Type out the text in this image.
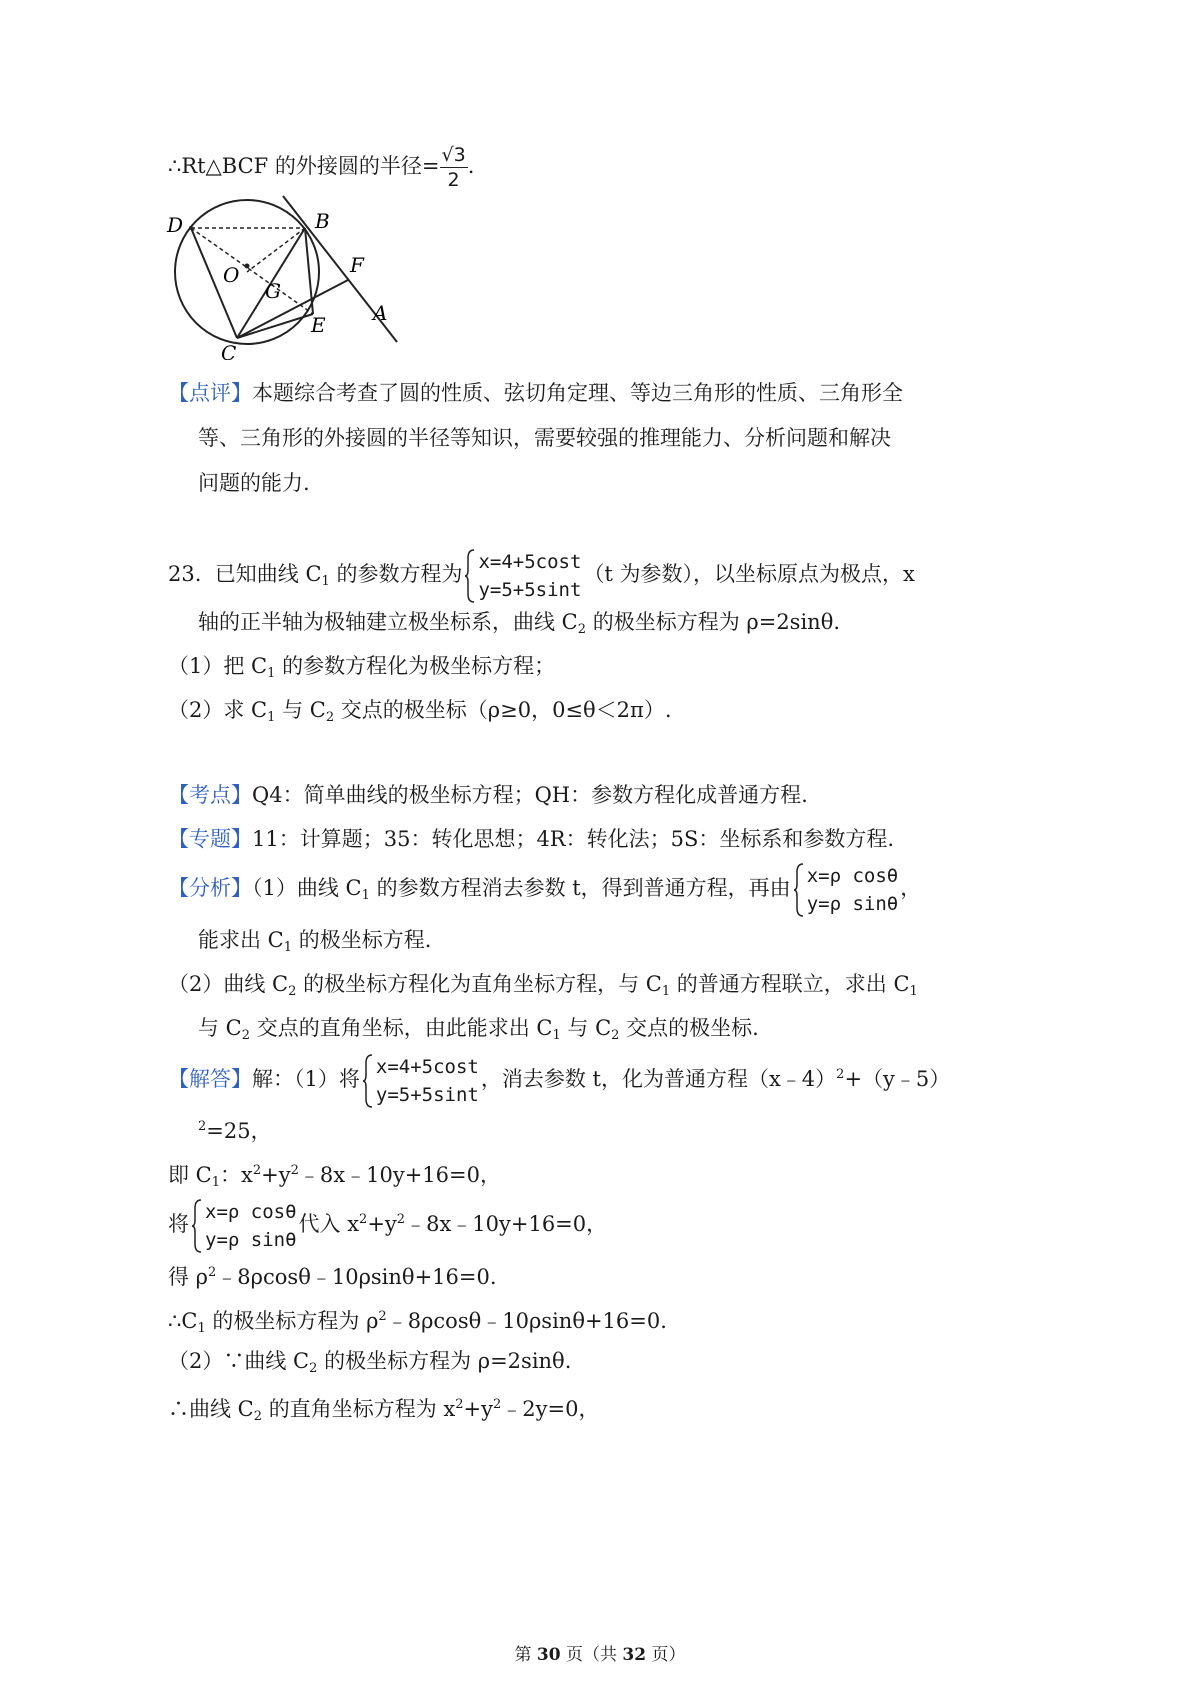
∴Rt△BCF 的外接圆的半径= $\frac{√3}{2}$ .
D	B
O	F
G
E A
C
【点评】本题综合考查了圆的性质、弦切角定理、等边三角形的性质、三角形全
等、三角形的外接圆的半径等知识，需要较强的推理能力、分析问题和解决
问题的能力.
23. 已知曲线 $C_1$ 的参数方程为
x=4+5cost
y=5+5sint
（t 为参数），以坐标原点为极点，x
轴的正半轴为极轴建立极坐标系，曲线 $C_2$ 的极坐标方程为 ρ=2sinθ.
（1）把 $C_1$ 的参数方程化为极坐标方程；
（2）求 $C_1$ 与 $C_2$ 交点的极坐标（ρ≥0，0≤θ＜2π）.
【考点】Q4：简单曲线的极坐标方程；QH：参数方程化成普通方程.
【专题】11：计算题；35：转化思想；4R：转化法；5S：坐标系和参数方程.
【分析】（1）曲线 $C_1$ 的参数方程消去参数 t，得到普通方程，再由
x=ρ cosθ
y=ρ sinθ
，
能求出 $C_1$ 的极坐标方程.
（2）曲线 $C_2$ 的极坐标方程化为直角坐标方程，与 $C_1$ 的普通方程联立，求出 $C_1$
与 $C_2$ 交点的直角坐标，由此能求出 $C_1$ 与 $C_2$ 交点的极坐标.
【解答】解：（1）将
x=4+5cost
y=5+5sint
，消去参数 t，化为普通方程（x﹣4）$^2$+（y﹣5）
$^2$=25，
即 $C_1$：$x^2+y^2﹣8x﹣10y+16=0$，
将
x=ρ cosθ
y=ρ sinθ
代入 $x^2+y^2﹣8x﹣10y+16=0$，
得 $\rho^2﹣8\rho\cos\theta﹣10\rho\sin\theta+16=0$.
$\therefore C_1$ 的极坐标方程为 $\rho^2﹣8\rho\cos\theta﹣10\rho\sin\theta+16=0$.
（2）∵曲线 $C_2$ 的极坐标方程为 ρ=2sinθ.
∴曲线 $C_2$ 的直角坐标方程为 $x^2+y^2﹣2y=0$，
第 30 页（共 32 页）
